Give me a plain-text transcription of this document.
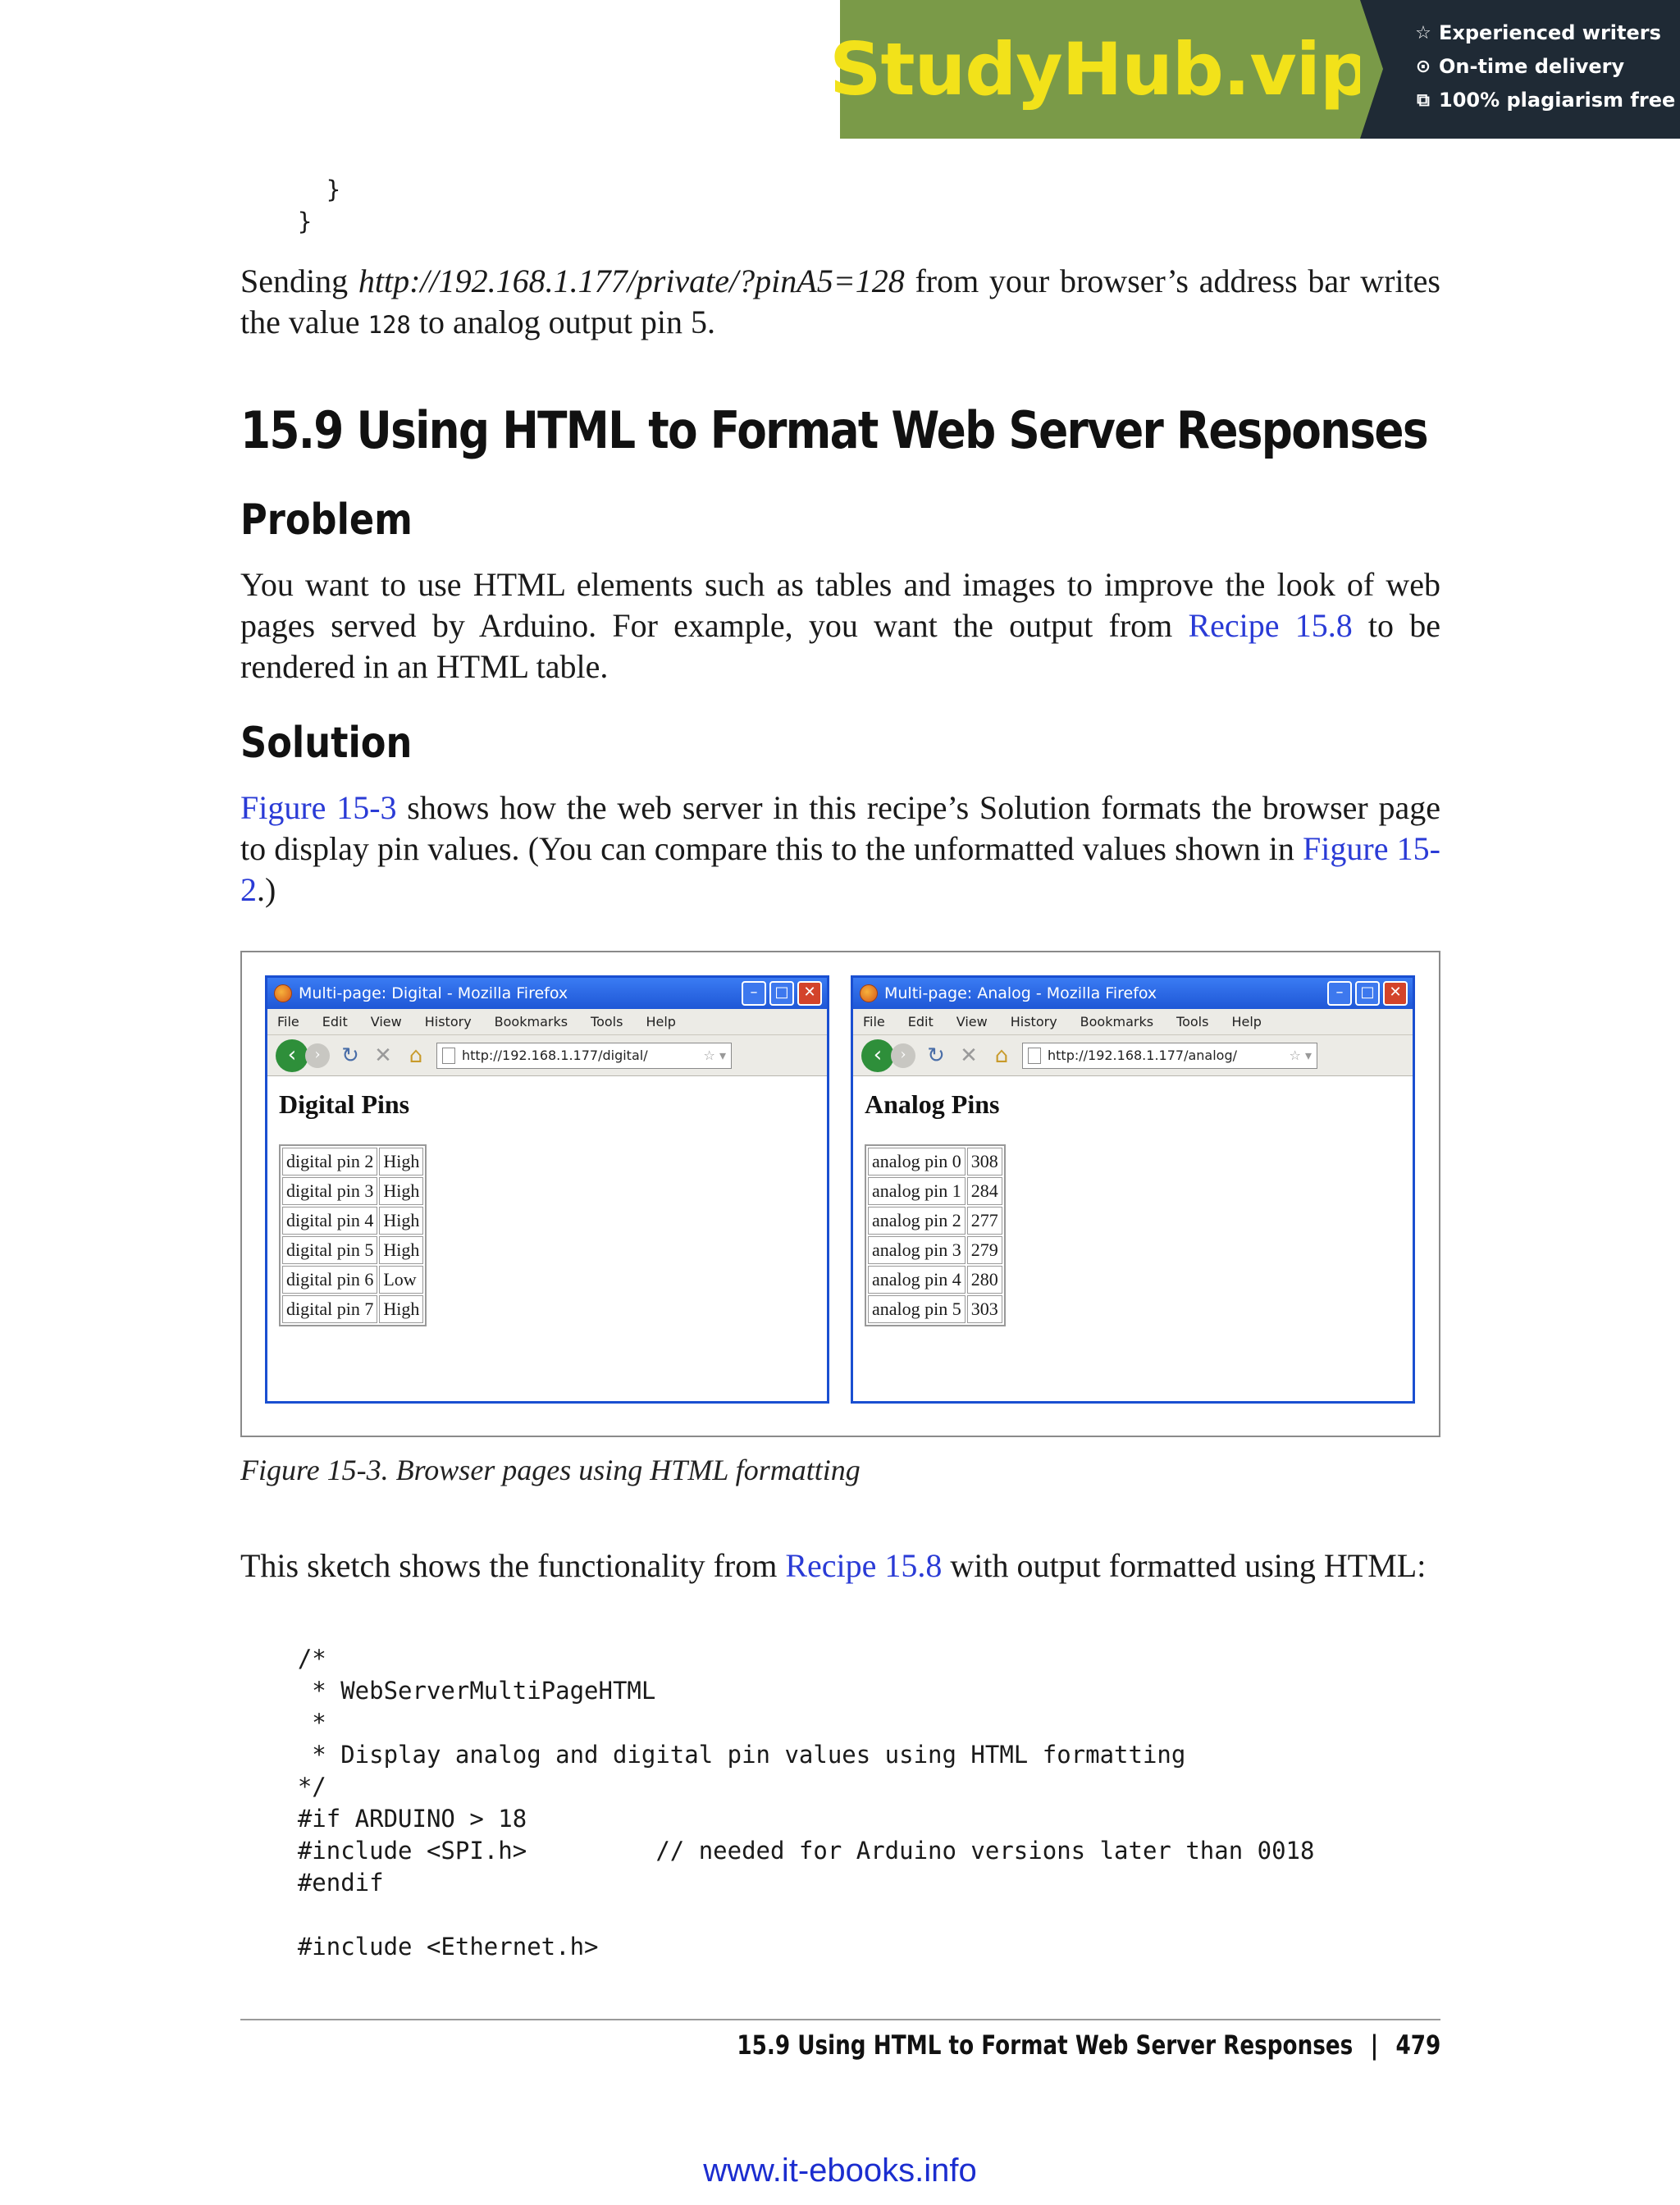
StudyHub.vip ☆ Experienced writers
⊙ On-time delivery
⧉ 100% plagiarism free
}
}

Sending http://192.168.1.177/private/?pinA5=128 from your browser’s address bar writes the value 128 to analog output pin 5.

15.9 Using HTML to Format Web Server Responses
Problem

You want to use HTML elements such as tables and images to improve the look of web pages served by Arduino. For example, you want the output from Recipe 15.8 to be rendered in an HTML table.

Solution

Figure 15-3 shows how the web server in this recipe’s Solution formats the browser page to display pin values. (You can compare this to the unformatted values shown in Figure 15-2.)

Multi-page: Digital - Mozilla Firefox	–	□ ✕
File Edit View History Bookmarks Tools Help
‹	› ↻ ✕ ⌂	http://192.168.1.177/digital/	☆ ▾
Digital Pins
digital pin 2	High
digital pin 3	High
digital pin 4	High
digital pin 5	High
digital pin 6	Low
digital pin 7	High
Multi-page: Analog - Mozilla Firefox	–	□ ✕
File Edit View History Bookmarks Tools Help
‹	› ↻ ✕ ⌂	http://192.168.1.177/analog/	☆ ▾
Analog Pins
analog pin 0	308
analog pin 1	284
analog pin 2	277
analog pin 3	279
analog pin 4	280
analog pin 5	303
Figure 15-3. Browser pages using HTML formatting

This sketch shows the functionality from Recipe 15.8 with output formatted using HTML:

/*
* WebServerMultiPageHTML
*
* Display analog and digital pin values using HTML formatting
*/
#if ARDUINO > 18
#include <SPI.h>         // needed for Arduino versions later than 0018
#endif

#include <Ethernet.h>
15.9 Using HTML to Format Web Server Responses | 479
www.it-ebooks.info
